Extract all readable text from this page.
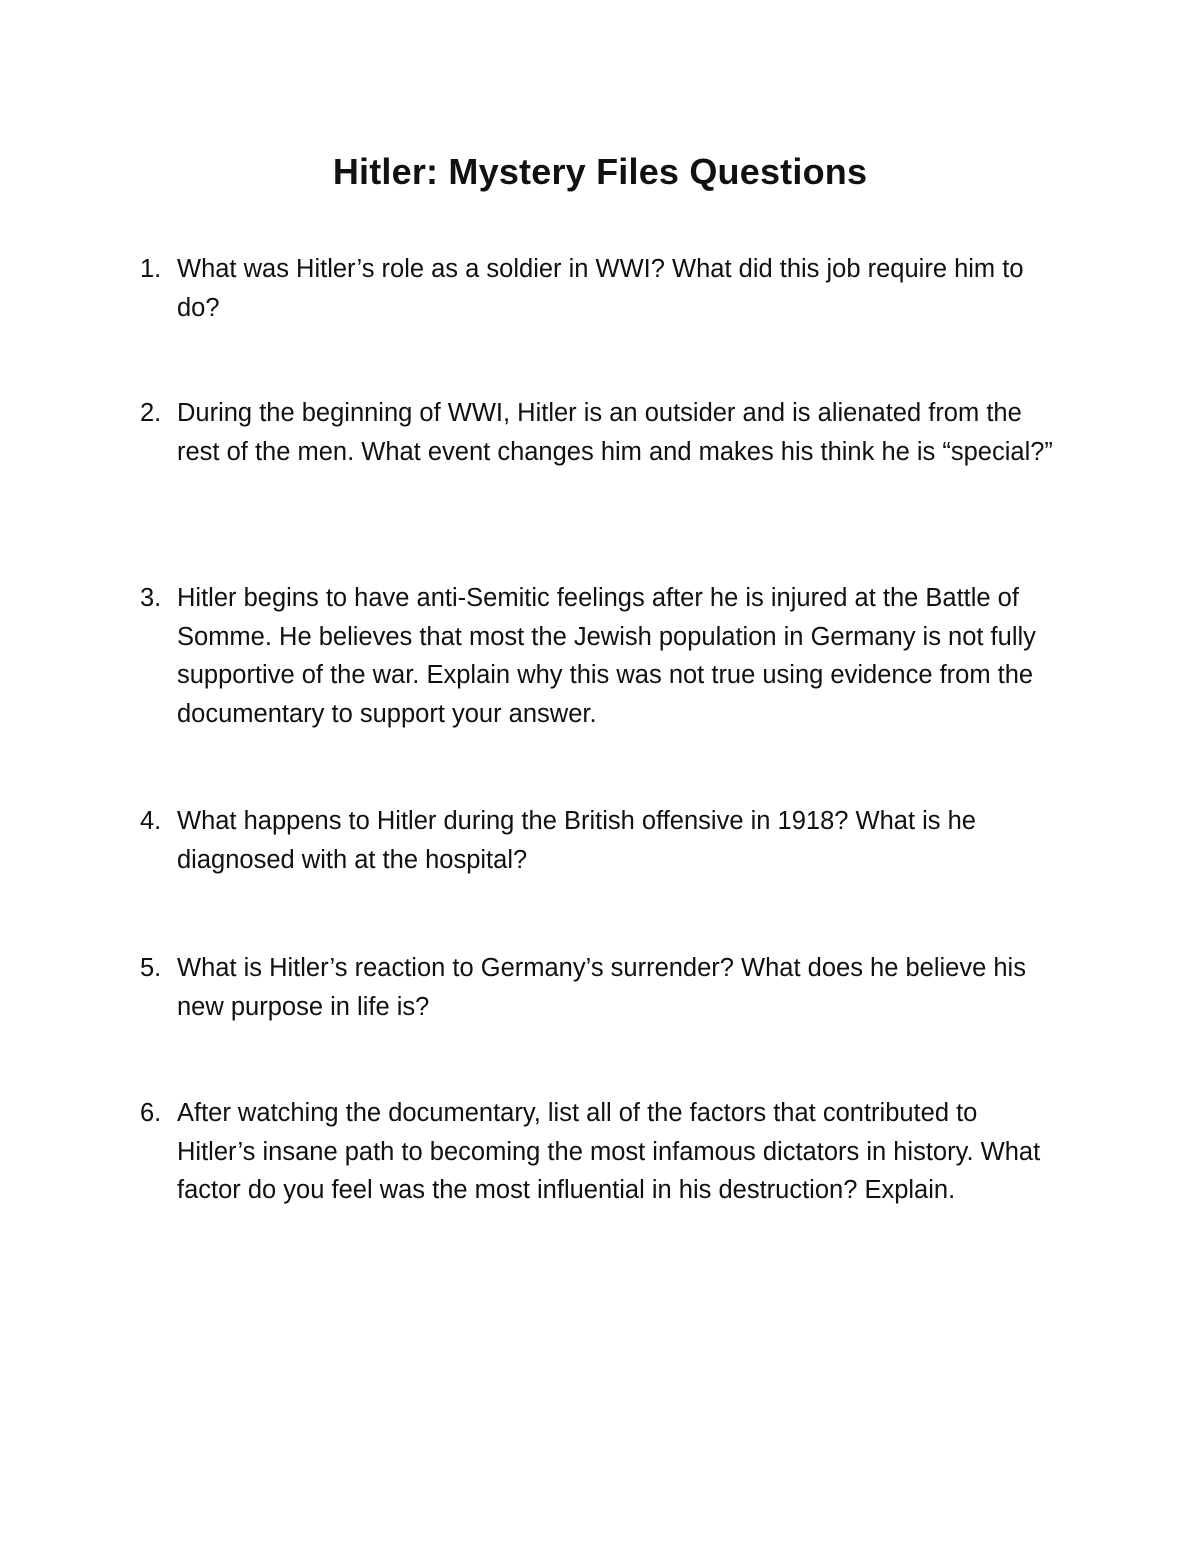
Hitler: Mystery Files Questions
1. What was Hitler’s role as a soldier in WWI? What did this job require him to do?
2. During the beginning of WWI, Hitler is an outsider and is alienated from the rest of the men. What event changes him and makes his think he is “special?”
3. Hitler begins to have anti-Semitic feelings after he is injured at the Battle of Somme. He believes that most the Jewish population in Germany is not fully supportive of the war. Explain why this was not true using evidence from the documentary to support your answer.
4. What happens to Hitler during the British offensive in 1918? What is he diagnosed with at the hospital?
5. What is Hitler’s reaction to Germany’s surrender? What does he believe his new purpose in life is?
6. After watching the documentary, list all of the factors that contributed to Hitler’s insane path to becoming the most infamous dictators in history. What factor do you feel was the most influential in his destruction? Explain.
